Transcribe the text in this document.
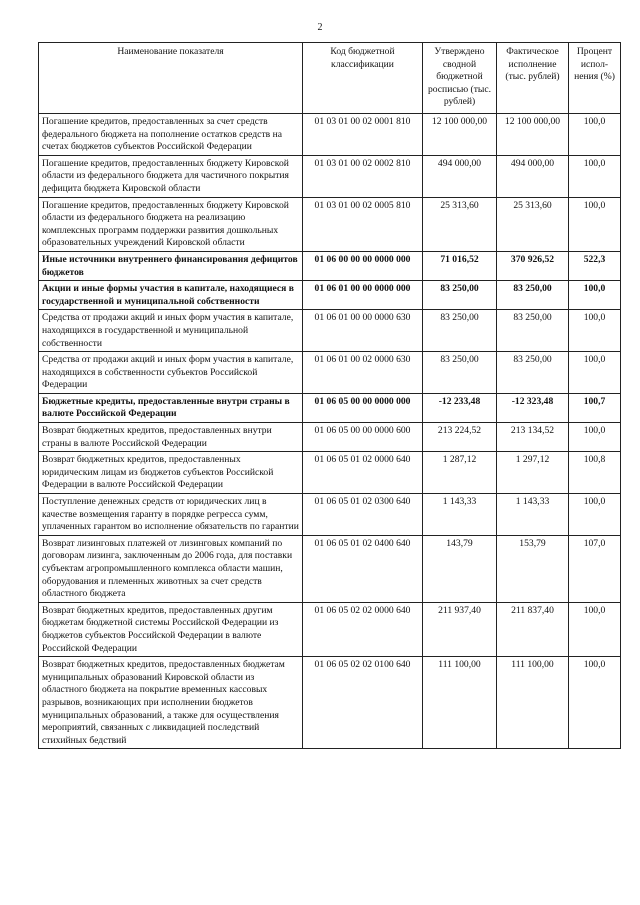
2
Наименование показателя	Код бюджетной классификации	Утверждено сводной бюджетной росписью (тыс. рублей)	Фактическое исполнение (тыс. рублей)	Процент испол-нения (%)
Погашение кредитов, предоставленных за счет средств федерального бюджета на пополнение остатков средств на счетах бюджетов субъектов Российской Федерации	01 03 01 00 02 0001 810	12 100 000,00	12 100 000,00	100,0
Погашение кредитов, предоставленных бюджету Кировской области из федерального бюджета для частичного покрытия дефицита бюджета Кировской области	01 03 01 00 02 0002 810	494 000,00	494 000,00	100,0
Погашение кредитов, предоставленных бюджету Кировской области из федерального бюджета на реализацию комплексных программ поддержки развития дошкольных образовательных учреждений Кировской области	01 03 01 00 02 0005 810	25 313,60	25 313,60	100,0
Иные источники внутреннего финансирования дефицитов бюджетов	01 06 00 00 00 0000 000	71 016,52	370 926,52	522,3
Акции и иные формы участия в капитале, находящиеся в государственной и муниципальной собственности	01 06 01 00 00 0000 000	83 250,00	83 250,00	100,0
Средства от продажи акций и иных форм участия в капитале, находящихся в государственной и муниципальной собственности	01 06 01 00 00 0000 630	83 250,00	83 250,00	100,0
Средства от продажи акций и иных форм участия в капитале, находящихся в собственности субъектов Российской Федерации	01 06 01 00 02 0000 630	83 250,00	83 250,00	100,0
Бюджетные кредиты, предоставленные внутри страны в валюте Российской Федерации	01 06 05 00 00 0000 000	-12 233,48	-12 323,48	100,7
Возврат бюджетных кредитов, предоставленных внутри страны в валюте Российской Федерации	01 06 05 00 00 0000 600	213 224,52	213 134,52	100,0
Возврат бюджетных кредитов, предоставленных юридическим лицам из бюджетов субъектов Российской Федерации в валюте Российской Федерации	01 06 05 01 02 0000 640	1 287,12	1 297,12	100,8
Поступление денежных средств от юридических лиц в качестве возмещения гаранту в порядке регресса сумм, уплаченных гарантом во исполнение обязательств по гарантии	01 06 05 01 02 0300 640	1 143,33	1 143,33	100,0
Возврат лизинговых платежей от лизинговых компаний по договорам лизинга, заключенным до 2006 года, для поставки субъектам агропромышленного комплекса области машин, оборудования и племенных животных за счет средств областного бюджета	01 06 05 01 02 0400 640	143,79	153,79	107,0
Возврат бюджетных кредитов, предоставленных другим бюджетам бюджетной системы Российской Федерации из бюджетов субъектов Российской Федерации в валюте Российской Федерации	01 06 05 02 02 0000 640	211 937,40	211 837,40	100,0
Возврат бюджетных кредитов, предоставленных бюджетам муниципальных образований Кировской области из областного бюджета на покрытие временных кассовых разрывов, возникающих при исполнении бюджетов муниципальных образований, а также для осуществления мероприятий, связанных с ликвидацией последствий стихийных бедствий	01 06 05 02 02 0100 640	111 100,00	111 100,00	100,0
